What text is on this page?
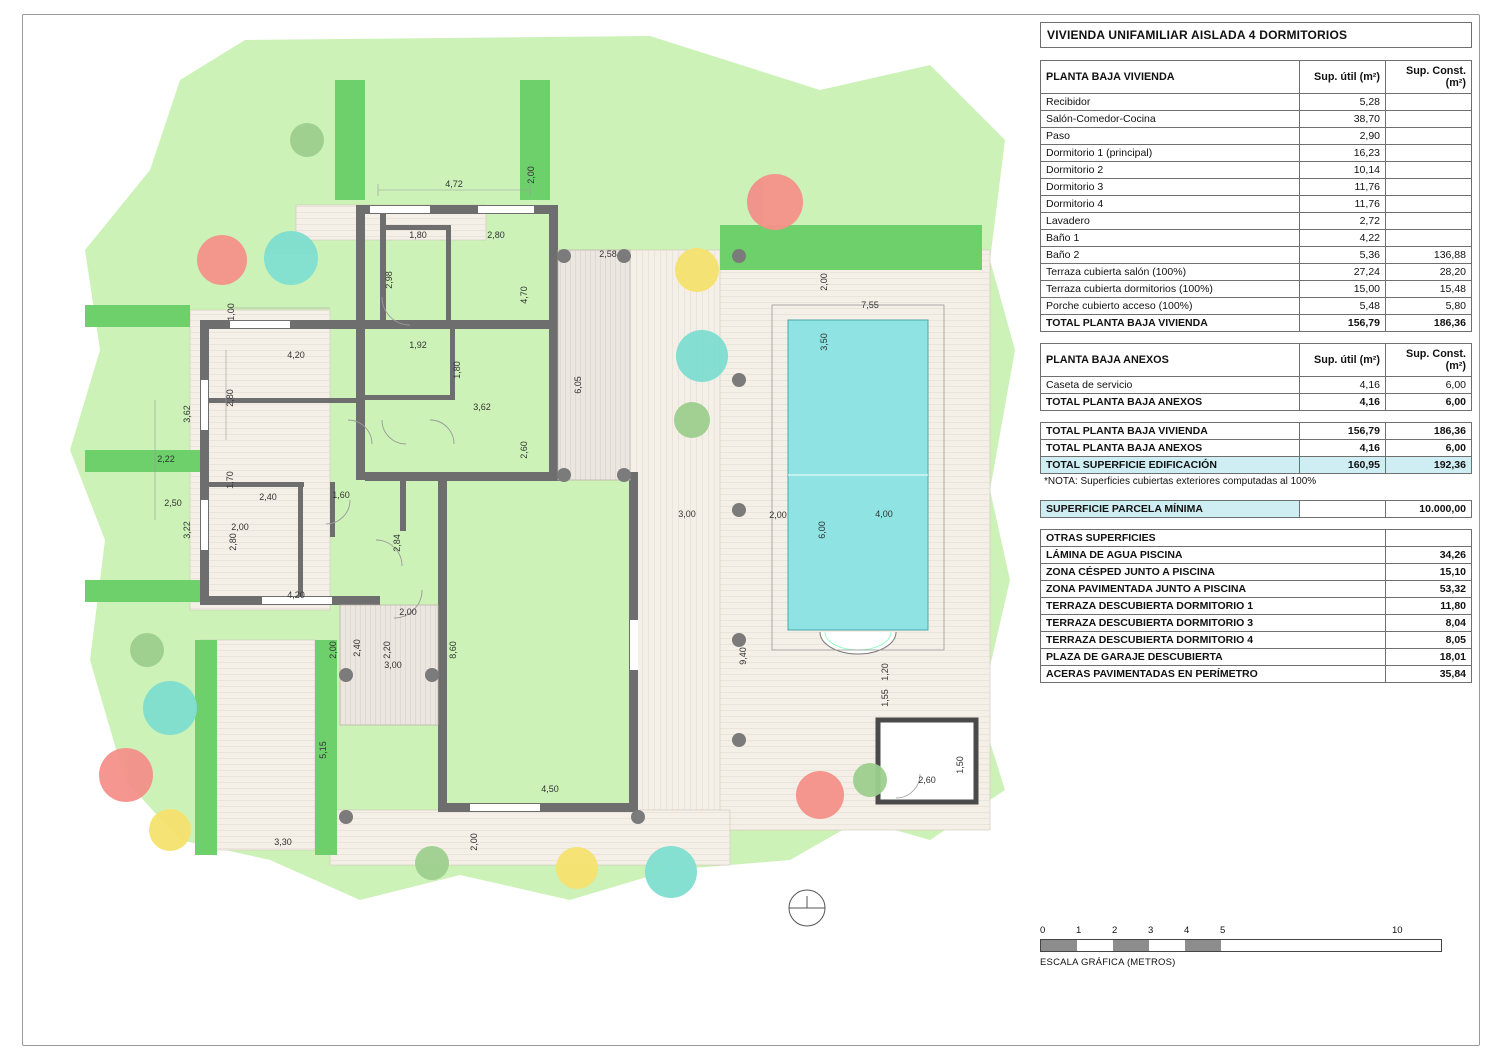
2,60
1,50
4,72
2,00
1,80	2,80
2,58
2,00
7,55
2,98
4,70
1,00
1,92
4,20
6,05
3,62
2,80
1,80
3,62
2,60
2,22
2,50
3,22
1,70
2,40	1,60
2,80
2,00
2,84
4,20
2,00
2,00 2,40 2,20
3,00
3,00	2,00
6,00
4,00
3,50
1,20
1,55
9,40
8,60
4,50
2,00
5,15
3,30
VIVIENDA UNIFAMILIAR AISLADA 4 DORMITORIOS
PLANTA BAJA VIVIENDA	Sup. útil (m²)	Sup. Const. (m²)
Recibidor	5,28	
Salón-Comedor-Cocina	38,70	
Paso	2,90	
Dormitorio 1 (principal)	16,23	
Dormitorio 2	10,14	
Dormitorio 3	11,76	
Dormitorio 4	11,76	
Lavadero	2,72	
Baño 1	4,22	
Baño 2	5,36	136,88
Terraza cubierta salón (100%)	27,24	28,20
Terraza cubierta dormitorios (100%)	15,00	15,48
Porche cubierto acceso (100%)	5,48	5,80
TOTAL PLANTA BAJA VIVIENDA	156,79	186,36
PLANTA BAJA ANEXOS	Sup. útil (m²)	Sup. Const. (m²)
Caseta de servicio	4,16	6,00
TOTAL PLANTA BAJA ANEXOS	4,16	6,00
TOTAL PLANTA BAJA VIVIENDA	156,79	186,36
TOTAL PLANTA BAJA ANEXOS	4,16	6,00
TOTAL SUPERFICIE EDIFICACIÓN	160,95	192,36
*NOTA: Superficies cubiertas exteriores computadas al 100%
SUPERFICIE PARCELA MÍNIMA		10.000,00
OTRAS SUPERFICIES	
LÁMINA DE AGUA PISCINA	34,26
ZONA CÉSPED JUNTO A PISCINA	15,10
ZONA PAVIMENTADA JUNTO A PISCINA	53,32
TERRAZA DESCUBIERTA DORMITORIO 1	11,80
TERRAZA DESCUBIERTA DORMITORIO 3	8,04
TERRAZA DESCUBIERTA DORMITORIO 4	8,05
PLAZA DE GARAJE DESCUBIERTA	18,01
ACERAS PAVIMENTADAS EN PERÍMETRO	35,84
0	1	2	3	4	5	10
ESCALA GRÁFICA (METROS)
